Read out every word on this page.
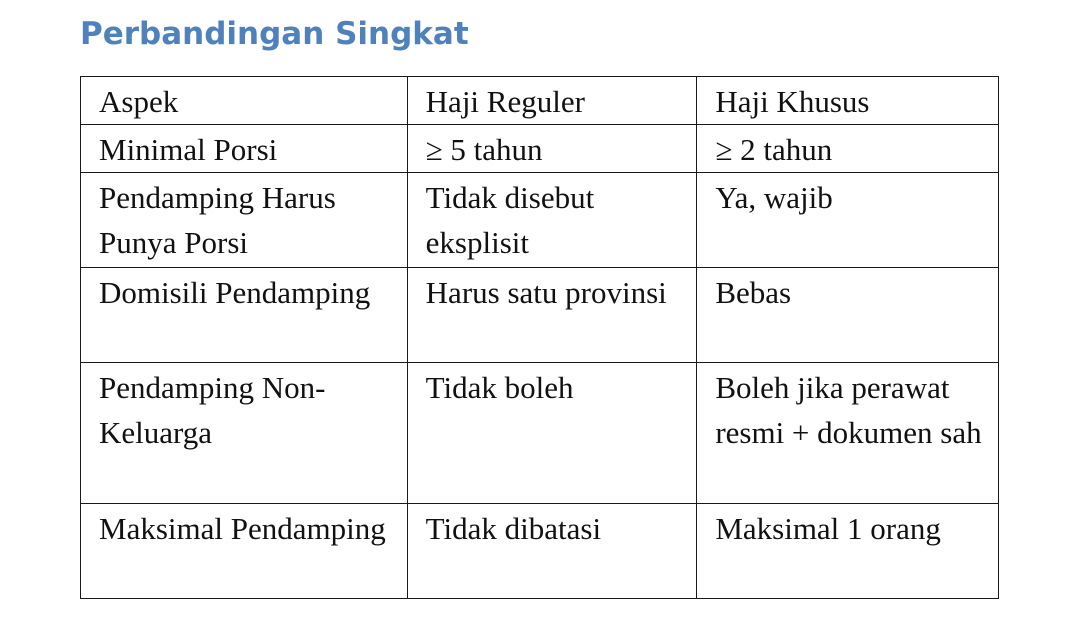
Perbandingan Singkat
Aspek	Haji Reguler	Haji Khusus
Minimal Porsi	≥ 5 tahun	≥ 2 tahun
Pendamping Harus Punya Porsi	Tidak disebut eksplisit	Ya, wajib
Domisili Pendamping	Harus satu provinsi	Bebas
Pendamping Non-Keluarga	Tidak boleh	Boleh jika perawat resmi + dokumen sah
Maksimal Pendamping	Tidak dibatasi	Maksimal 1 orang
